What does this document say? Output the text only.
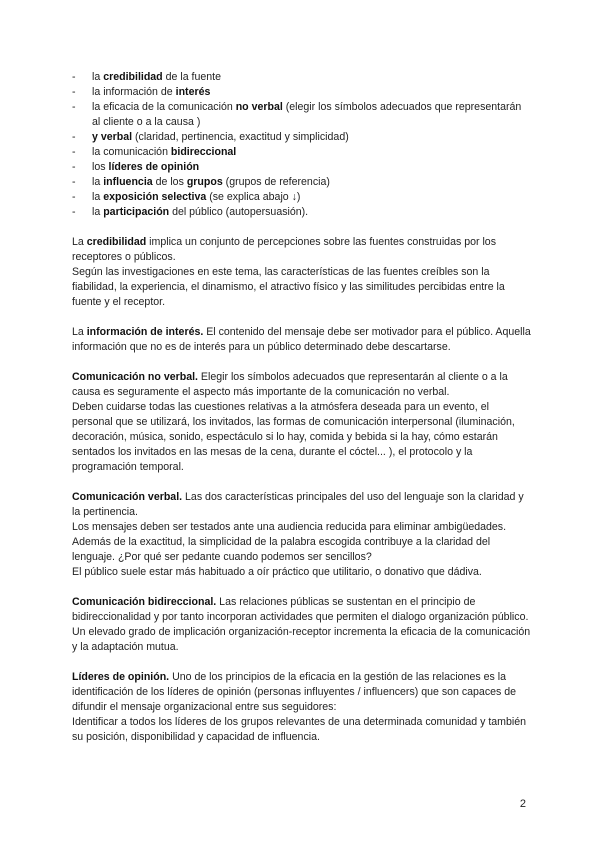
- la credibilidad de la fuente
- la información de interés
- la eficacia de la comunicación no verbal (elegir los símbolos adecuados que representarán al cliente o a la causa )
- y verbal (claridad, pertinencia, exactitud y simplicidad)
- la comunicación bidireccional
- los líderes de opinión
- la influencia de los grupos (grupos de referencia)
- la exposición selectiva (se explica abajo ↓)
- la participación del público (autopersuasión).

La credibilidad implica un conjunto de percepciones sobre las fuentes construidas por los receptores o públicos.

Según las investigaciones en este tema, las características de las fuentes creíbles son la fiabilidad, la experiencia, el dinamismo, el atractivo físico y las similitudes percibidas entre la fuente y el receptor.

La información de interés. El contenido del mensaje debe ser motivador para el público. Aquella información que no es de interés para un público determinado debe descartarse.

Comunicación no verbal. Elegir los símbolos adecuados que representarán al cliente o a la causa es seguramente el aspecto más importante de la comunicación no verbal.

Deben cuidarse todas las cuestiones relativas a la atmósfera deseada para un evento, el personal que se utilizará, los invitados, las formas de comunicación interpersonal (iluminación, decoración, música, sonido, espectáculo si lo hay, comida y bebida si la hay, cómo estarán sentados los invitados en las mesas de la cena, durante el cóctel... ), el protocolo y la programación temporal.

Comunicación verbal. Las dos características principales del uso del lenguaje son la claridad y la pertinencia.

Los mensajes deben ser testados ante una audiencia reducida para eliminar ambigüedades.

Además de la exactitud, la simplicidad de la palabra escogida contribuye a la claridad del lenguaje. ¿Por qué ser pedante cuando podemos ser sencillos?

El público suele estar más habituado a oír práctico que utilitario, o donativo que dádiva.

Comunicación bidireccional. Las relaciones públicas se sustentan en el principio de bidireccionalidad y por tanto incorporan actividades que permiten el dialogo organización público.

Un elevado grado de implicación organización-receptor incrementa la eficacia de la comunicación y la adaptación mutua.

Líderes de opinión. Uno de los principios de la eficacia en la gestión de las relaciones es la identificación de los líderes de opinión (personas influyentes / influencers) que son capaces de difundir el mensaje organizacional entre sus seguidores:

Identificar a todos los líderes de los grupos relevantes de una determinada comunidad y también su posición, disponibilidad y capacidad de influencia.

2
